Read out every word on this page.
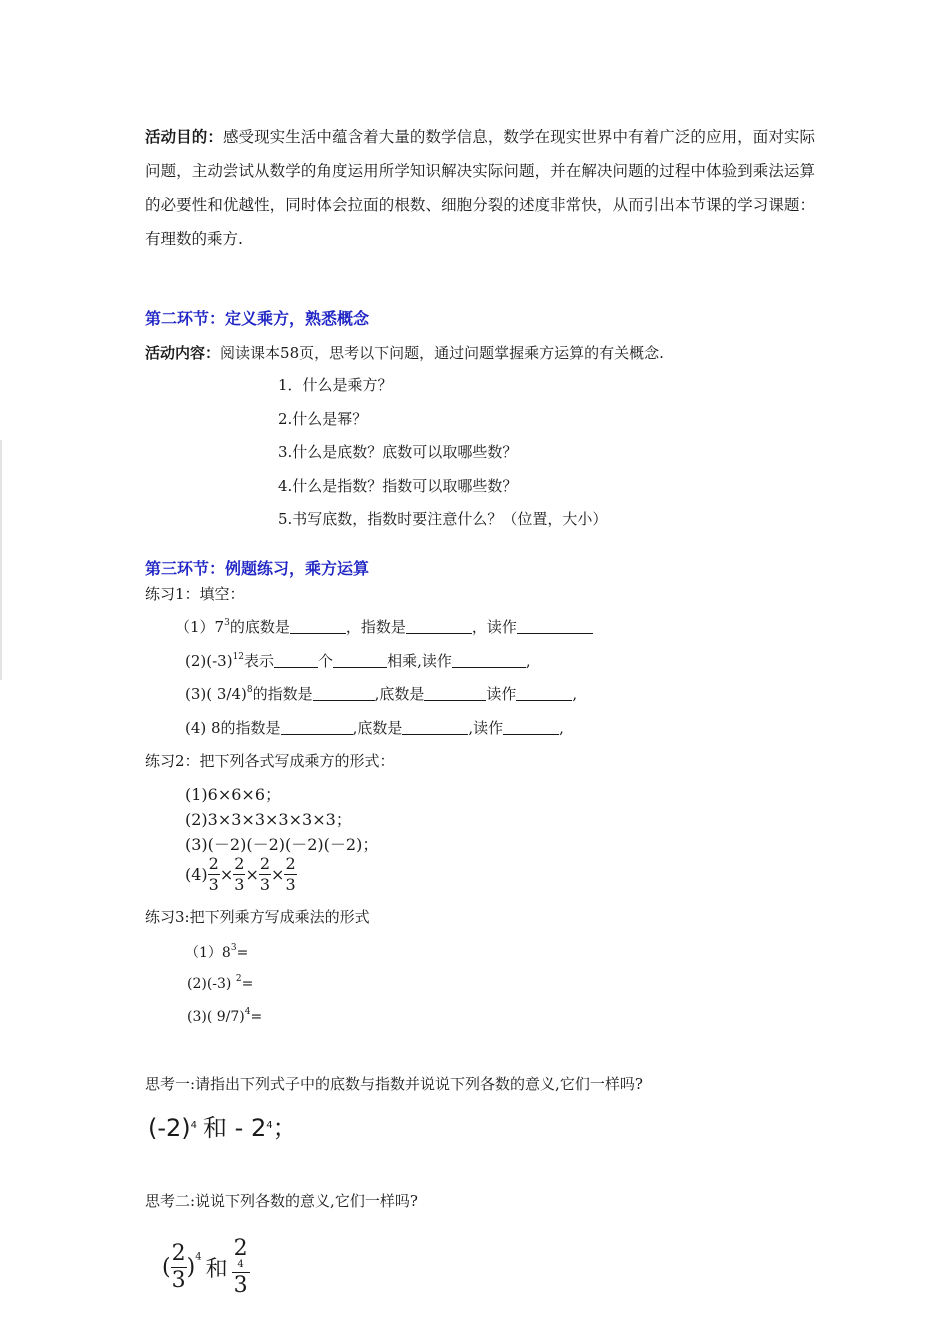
活动目的：感受现实生活中蕴含着大量的数学信息，数学在现实世界中有着广泛的应用，面对实际问题，主动尝试从数学的角度运用所学知识解决实际问题，并在解决问题的过程中体验到乘法运算的必要性和优越性，同时体会拉面的根数、细胞分裂的述度非常快，从而引出本节课的学习课题：有理数的乘方.
第二环节：定义乘方，熟悉概念
活动内容：阅读课本58页，思考以下问题，通过问题掌握乘方运算的有关概念.
1．什么是乘方？
2.什么是幂？
3.什么是底数？底数可以取哪些数？
4.什么是指数？指数可以取哪些数？
5.书写底数，指数时要注意什么？（位置，大小）
第三环节：例题练习，乘方运算
练习1：填空：
$(1)7^3$的底数是	，指数是	，读作
$(2)(-3)^{12}$表示	个	相乘,读作	,
(3)( 3/4)$^8$的指数是	,底数是	读作	,
(4) 8的指数是	,底数是	,读作	,
练习2：把下列各式写成乘方的形式：
(1)6×6×6；
(2)3×3×3×3×3×3；
(3)(－2)(－2)(－2)(－2)；
$(4) \frac{2}{3} \times \frac{2}{3} \times \frac{2}{3} \times \frac{2}{3}$
练习3:把下列乘方写成乘法的形式
$(1)8^3=$
(2)(-3) $^2$=
(3)( 9/7)$^4$=
思考一:请指出下列式子中的底数与指数并说说下列各数的意义,它们一样吗?
$(-2)^4$ 和 - $2^4$；
思考二:说说下列各数的意义,它们一样吗?
( $\frac{2}{3} )^4$ 和 2
4
3
